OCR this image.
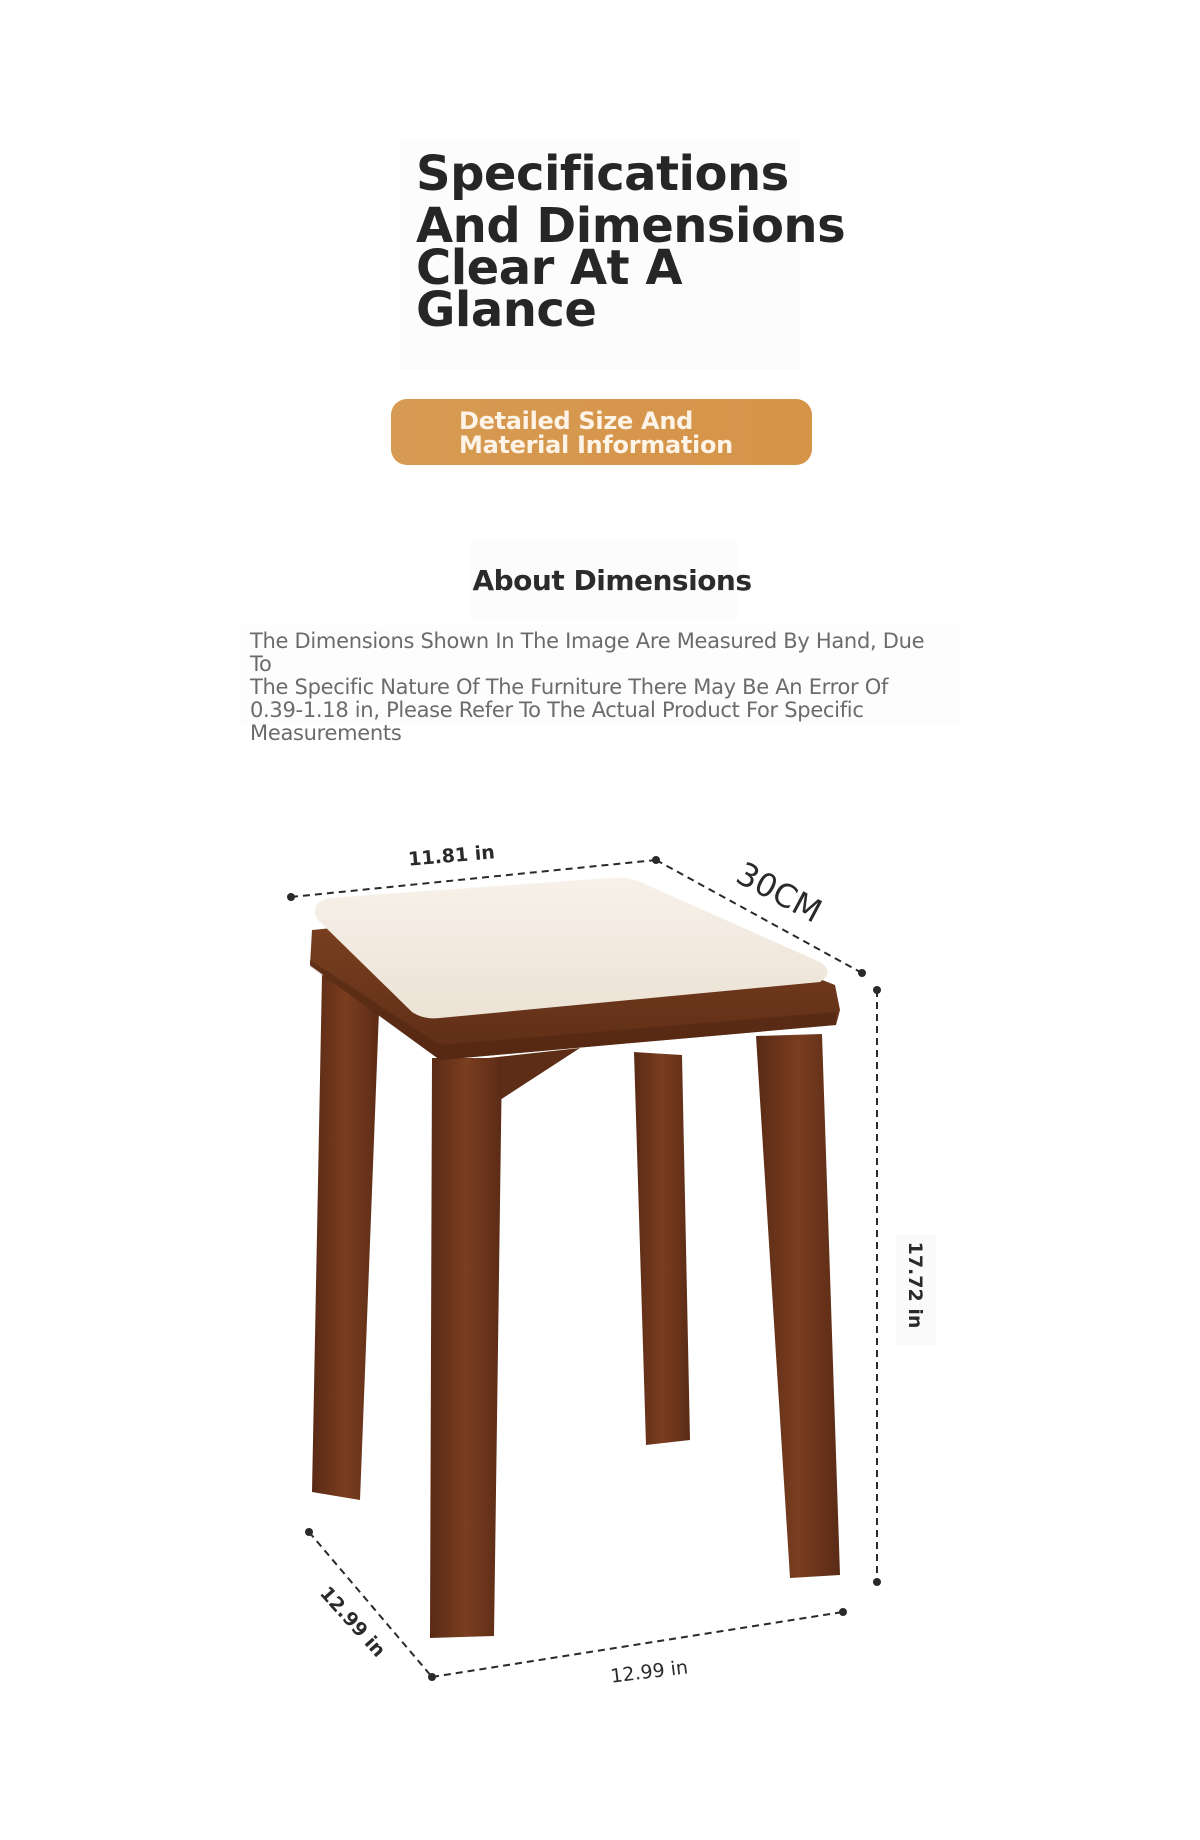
Specifications
And Dimensions
Clear At A
Glance
Detailed Size And
Material Information
About Dimensions
The Dimensions Shown In The Image Are Measured By Hand, Due To
The Specific Nature Of The Furniture There May Be An Error Of
0.39-1.18 in, Please Refer To The Actual Product For Specific
Measurements
11.81 in	30CM
17.72 in
12.99 in
12.99 in
